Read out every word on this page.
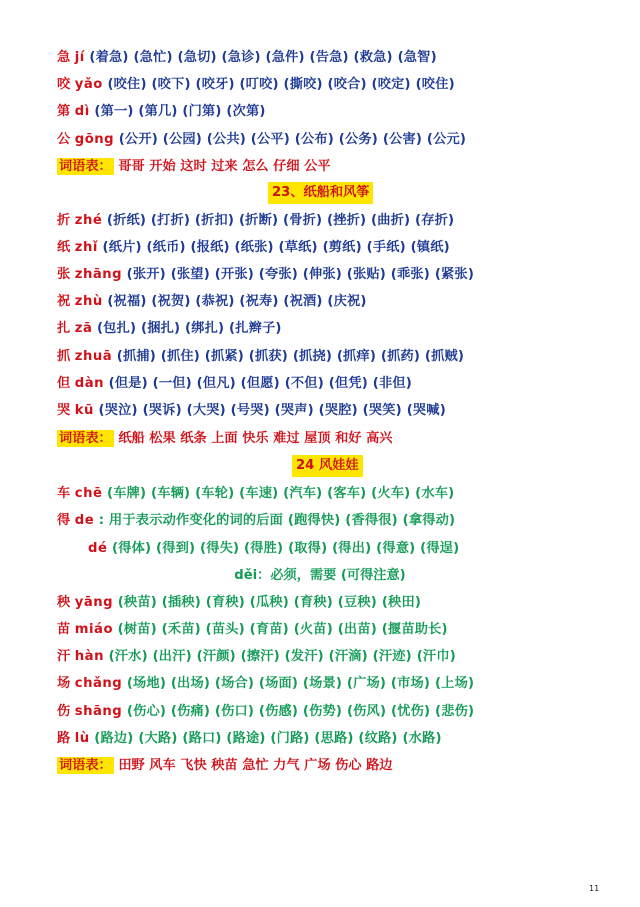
急 jí (着急) (急忙) (急切) (急诊) (急件) (告急) (救急) (急智)
咬 yǎo (咬住) (咬下) (咬牙) (叮咬) (撕咬) (咬合) (咬定) (咬住)
第 dì (第一) (第几) (门第) (次第)
公 gōng (公开) (公园) (公共) (公平) (公布) (公务) (公害) (公元)
词语表： 哥哥 开始 这时 过来 怎么 仔细 公平
23、纸船和风筝
折 zhé (折纸) (打折) (折扣) (折断) (骨折) (挫折) (曲折) (存折)
纸 zhǐ (纸片) (纸币) (报纸) (纸张) (草纸) (剪纸) (手纸) (镇纸)
张 zhāng (张开) (张望) (开张) (夸张) (伸张) (张贴) (乖张) (紧张)
祝 zhù (祝福) (祝贺) (恭祝) (祝寿) (祝酒) (庆祝)
扎 zā (包扎) (捆扎) (绑扎) (扎辫子)
抓 zhuā (抓捕) (抓住) (抓紧) (抓获) (抓挠) (抓痒) (抓药) (抓贼)
但 dàn (但是) (一但) (但凡) (但愿) (不但) (但凭) (非但)
哭 kū (哭泣) (哭诉) (大哭) (号哭) (哭声) (哭腔) (哭笑) (哭喊)
词语表： 纸船 松果 纸条 上面 快乐 难过 屋顶 和好 高兴
24 风娃娃
车 chē (车牌) (车辆) (车轮) (车速) (汽车) (客车) (火车) (水车)
得 de : 用于表示动作变化的词的后面 (跑得快) (香得很) (拿得动)
dé (得体) (得到) (得失) (得胜) (取得) (得出) (得意) (得逞)
děi：必须，需要 (可得注意)
秧 yāng (秧苗) (插秧) (育秧) (瓜秧) (育秧) (豆秧) (秧田)
苗 miáo (树苗) (禾苗) (苗头) (育苗) (火苗) (出苗) (揠苗助长)
汗 hàn (汗水) (出汗) (汗颜) (擦汗) (发汗) (汗滴) (汗迹) (汗巾)
场 chǎng (场地) (出场) (场合) (场面) (场景) (广场) (市场) (上场)
伤 shāng (伤心) (伤痛) (伤口) (伤感) (伤势) (伤风) (忧伤) (悲伤)
路 lù (路边) (大路) (路口) (路途) (门路) (思路) (纹路) (水路)
词语表： 田野 风车 飞快 秧苗 急忙 力气 广场 伤心 路边
11
